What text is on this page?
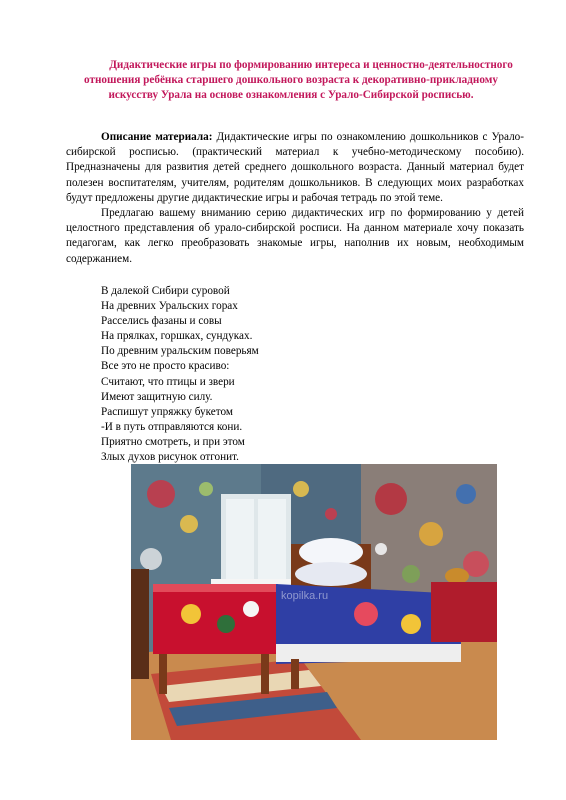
Дидактические игры по формированию интереса и ценностно-деятельностного отношения ребёнка старшего дошкольного возраста к декоративно-прикладному искусству Урала на основе ознакомления с Урало-Сибирской росписью.

Описание материала: Дидактические игры по ознакомлению дошкольников с Урало-сибирской росписью. (практический материал к учебно-методическому пособию). Предназначены для развития детей среднего дошкольного возраста. Данный материал будет полезен воспитателям, учителям, родителям дошкольников. В следующих моих разработках будут предложены другие дидактические игры и рабочая тетрадь по этой теме.

Предлагаю вашему вниманию серию дидактических игр по формированию у детей целостного представления об урало-сибирской росписи. На данном материале хочу показать педагогам, как легко преобразовать знакомые игры, наполнив их новым, необходимым содержанием.

В далекой Сибири суровой
На древних Уральских горах
Расселись фазаны и совы
На прялках, горшках, сундуках.
По древним уральским поверьям
Все это не просто красиво:
Считают, что птицы и звери
Имеют защитную силу.
Распишут упряжку букетом
-И в путь отправляются кони.
Приятно смотреть, и при этом
Злых духов рисунок отгонит.
kopilka.ru
